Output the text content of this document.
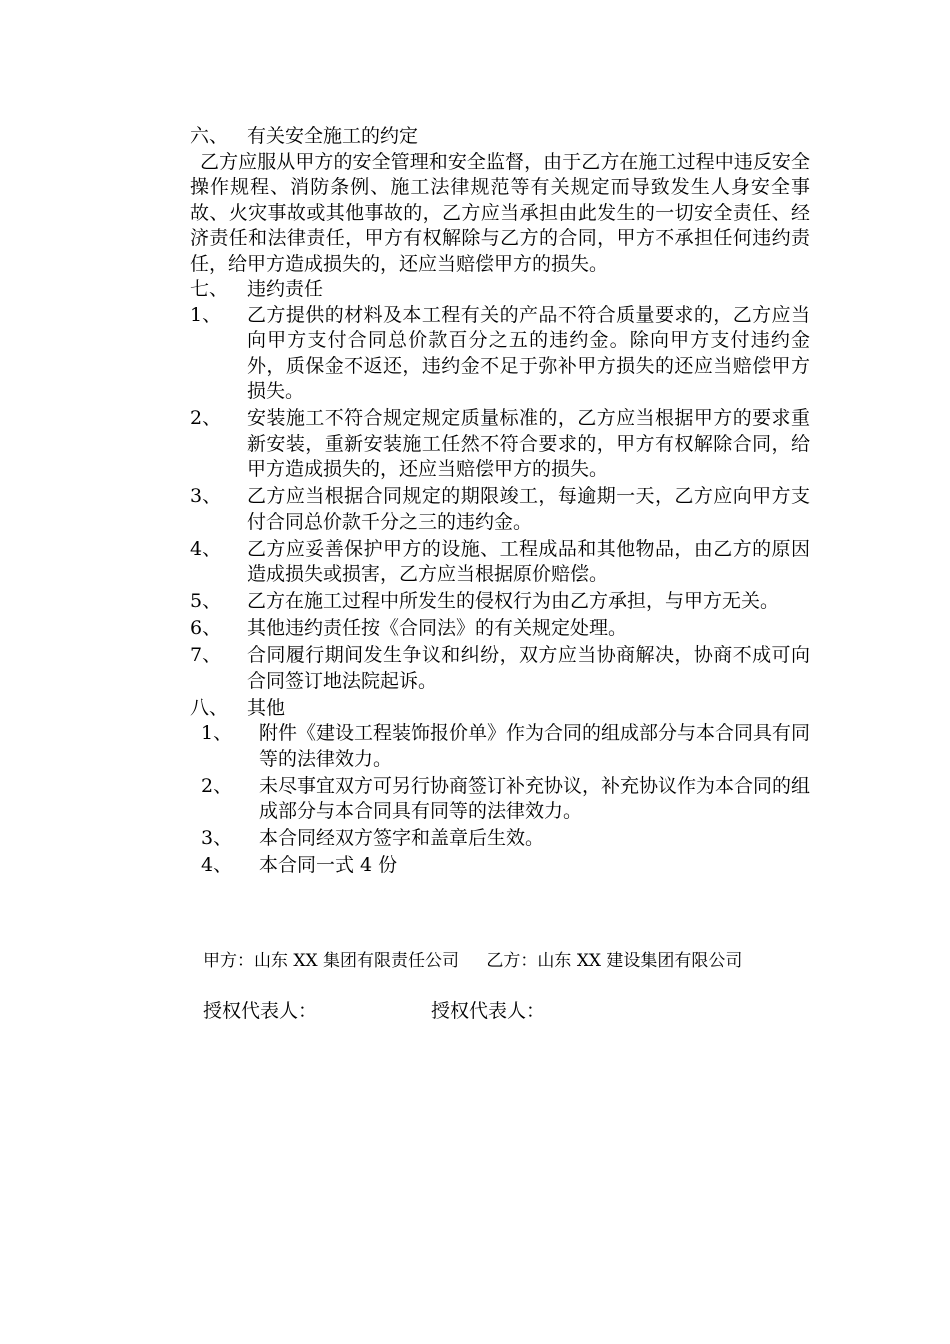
六、 有关安全施工的约定
乙方应服从甲方的安全管理和安全监督，由于乙方在施工过程中违反安全操作规程、消防条例、施工法律规范等有关规定而导致发生人身安全事故、火灾事故或其他事故的，乙方应当承担由此发生的一切安全责任、经济责任和法律责任，甲方有权解除与乙方的合同，甲方不承担任何违约责任，给甲方造成损失的，还应当赔偿甲方的损失。
七、 违约责任
1、	乙方提供的材料及本工程有关的产品不符合质量要求的，乙方应当向甲方支付合同总价款百分之五的违约金。除向甲方支付违约金外，质保金不返还，违约金不足于弥补甲方损失的还应当赔偿甲方损失。
2、	安装施工不符合规定规定质量标准的，乙方应当根据甲方的要求重新安装，重新安装施工任然不符合要求的，甲方有权解除合同，给甲方造成损失的，还应当赔偿甲方的损失。
3、	乙方应当根据合同规定的期限竣工，每逾期一天，乙方应向甲方支付合同总价款千分之三的违约金。
4、	乙方应妥善保护甲方的设施、工程成品和其他物品，由乙方的原因造成损失或损害，乙方应当根据原价赔偿。
5、	乙方在施工过程中所发生的侵权行为由乙方承担，与甲方无关。
6、	其他违约责任按《合同法》的有关规定处理。
7、	合同履行期间发生争议和纠纷，双方应当协商解决，协商不成可向合同签订地法院起诉。
八、 其他
1、	附件《建设工程装饰报价单》作为合同的组成部分与本合同具有同等的法律效力。
2、	未尽事宜双方可另行协商签订补充协议，补充协议作为本合同的组成部分与本合同具有同等的法律效力。
3、	本合同经双方签字和盖章后生效。
4、	本合同一式 4 份
甲方：山东 XX 集团有限责任公司 乙方：山东 XX 建设集团有限公司
授权代表人：	授权代表人：
